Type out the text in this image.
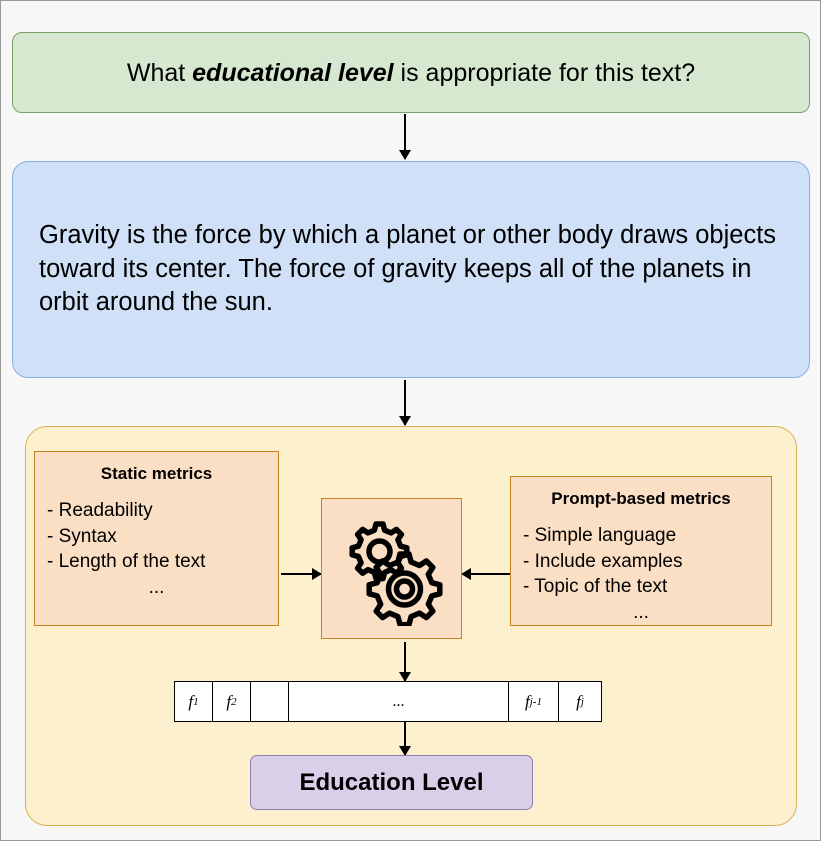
What educational level is appropriate for this text?
Gravity is the force by which a planet or other body draws objects toward its center. The force of gravity keeps all of the planets in orbit around the sun.
Static metrics
- Readability
- Syntax
- Length of the text
...
Prompt-based metrics
- Simple language
- Include examples
- Topic of the text
...
f 1 f 2	...	f j-1 f j
Education Level
